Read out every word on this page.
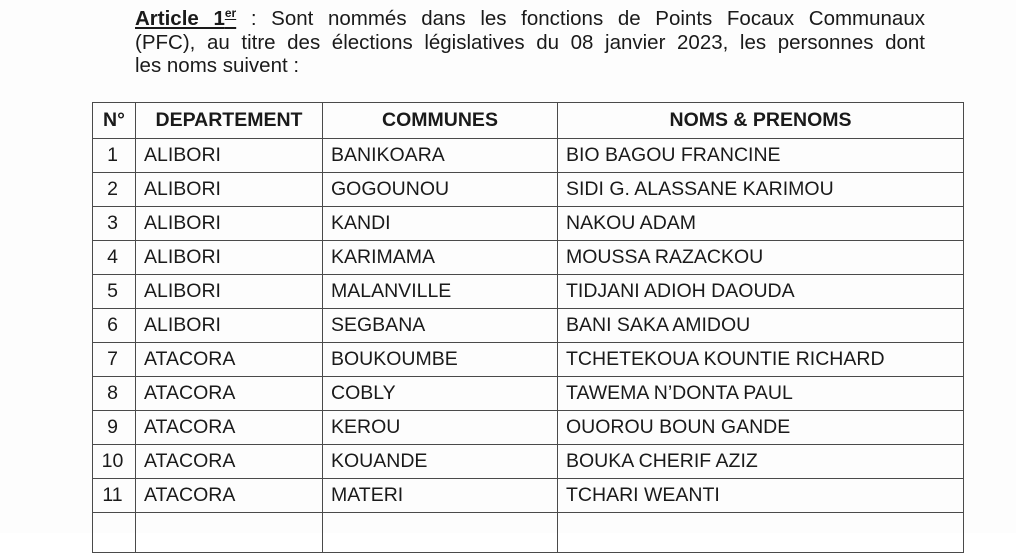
Article 1er : Sont nommés dans les fonctions de Points Focaux Communaux
(PFC), au titre des élections législatives du 08 janvier 2023, les personnes dont
les noms suivent :
N°	DEPARTEMENT	COMMUNES	NOMS & PRENOMS
1	ALIBORI	BANIKOARA	BIO BAGOU FRANCINE
2	ALIBORI	GOGOUNOU	SIDI G. ALASSANE KARIMOU
3	ALIBORI	KANDI	NAKOU ADAM
4	ALIBORI	KARIMAMA	MOUSSA RAZACKOU
5	ALIBORI	MALANVILLE	TIDJANI ADIOH DAOUDA
6	ALIBORI	SEGBANA	BANI SAKA AMIDOU
7	ATACORA	BOUKOUMBE	TCHETEKOUA KOUNTIE RICHARD
8	ATACORA	COBLY	TAWEMA N’DONTA PAUL
9	ATACORA	KEROU	OUOROU BOUN GANDE
10	ATACORA	KOUANDE	BOUKA CHERIF AZIZ
11	ATACORA	MATERI	TCHARI WEANTI
